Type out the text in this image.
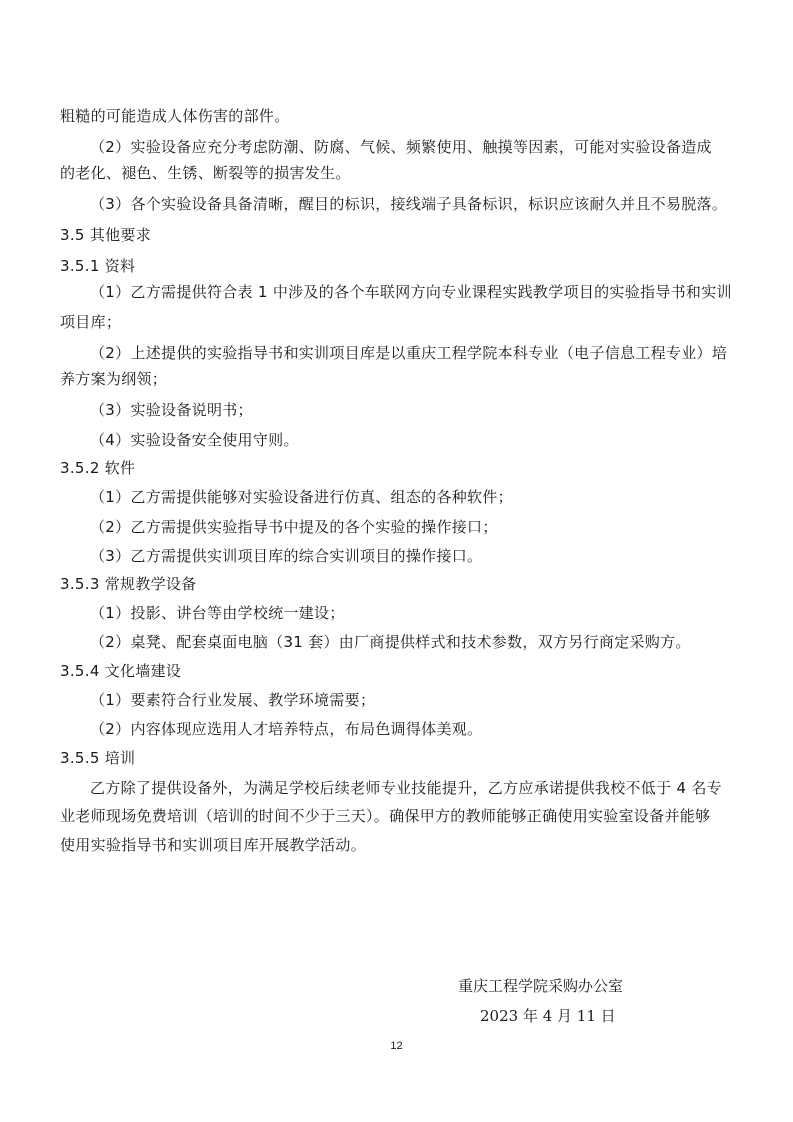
粗糙的可能造成人体伤害的部件。
（2）实验设备应充分考虑防潮、防腐、气候、频繁使用、触摸等因素，可能对实验设备造成
的老化、褪色、生锈、断裂等的损害发生。
（3）各个实验设备具备清晰，醒目的标识，接线端子具备标识，标识应该耐久并且不易脱落。
3.5 其他要求
3.5.1 资料
（1）乙方需提供符合表 1 中涉及的各个车联网方向专业课程实践教学项目的实验指导书和实训
项目库；
（2）上述提供的实验指导书和实训项目库是以重庆工程学院本科专业（电子信息工程专业）培
养方案为纲领；
（3）实验设备说明书；
（4）实验设备安全使用守则。
3.5.2 软件
（1）乙方需提供能够对实验设备进行仿真、组态的各种软件；
（2）乙方需提供实验指导书中提及的各个实验的操作接口；
（3）乙方需提供实训项目库的综合实训项目的操作接口。
3.5.3 常规教学设备
（1）投影、讲台等由学校统一建设；
（2）桌凳、配套桌面电脑（31 套）由厂商提供样式和技术参数，双方另行商定采购方。
3.5.4 文化墙建设
（1）要素符合行业发展、教学环境需要；
（2）内容体现应选用人才培养特点，布局色调得体美观。
3.5.5 培训
乙方除了提供设备外，为满足学校后续老师专业技能提升，乙方应承诺提供我校不低于 4 名专
业老师现场免费培训（培训的时间不少于三天）。确保甲方的教师能够正确使用实验室设备并能够
使用实验指导书和实训项目库开展教学活动。
重庆工程学院采购办公室
2023 年 4 月 11 日
12
